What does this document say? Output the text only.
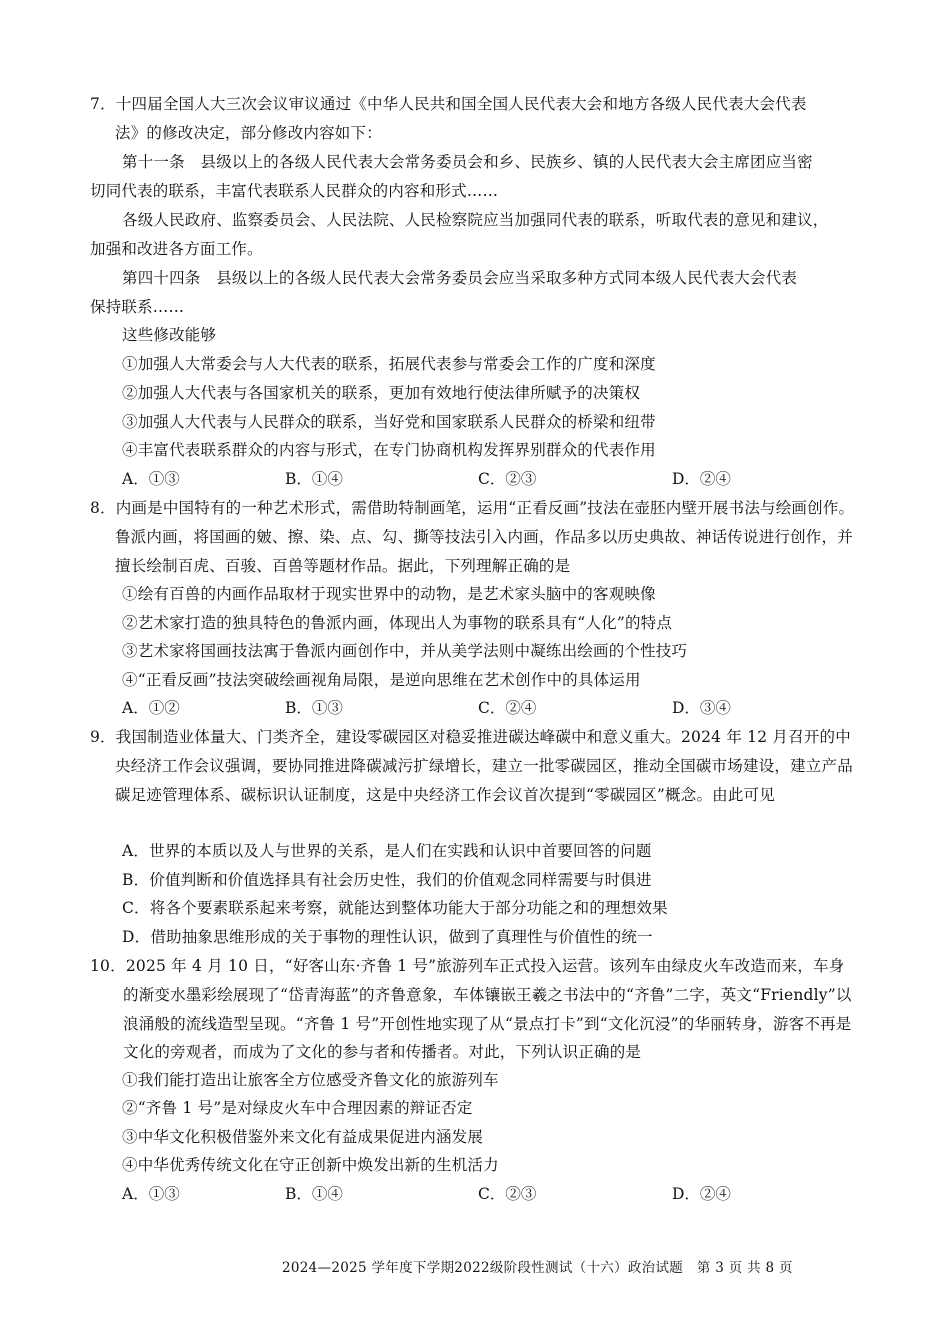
7．十四届全国人大三次会议审议通过《中华人民共和国全国人民代表大会和地方各级人民代表大会代表
法》的修改决定，部分修改内容如下：
第十一条　县级以上的各级人民代表大会常务委员会和乡、民族乡、镇的人民代表大会主席团应当密
切同代表的联系，丰富代表联系人民群众的内容和形式……
各级人民政府、监察委员会、人民法院、人民检察院应当加强同代表的联系，听取代表的意见和建议，
加强和改进各方面工作。
第四十四条　县级以上的各级人民代表大会常务委员会应当采取多种方式同本级人民代表大会代表
保持联系……
这些修改能够
①加强人大常委会与人大代表的联系，拓展代表参与常委会工作的广度和深度
②加强人大代表与各国家机关的联系，更加有效地行使法律所赋予的决策权
③加强人大代表与人民群众的联系，当好党和国家联系人民群众的桥梁和纽带
④丰富代表联系群众的内容与形式，在专门协商机构发挥界别群众的代表作用
A．①③	B．①④	C．②③	D．②④
8．内画是中国特有的一种艺术形式，需借助特制画笔，运用“正看反画”技法在壶胚内壁开展书法与绘画创作。鲁派内画，将国画的皴、擦、染、点、勾、撕等技法引入内画，作品多以历史典故、神话传说进行创作，并擅长绘制百虎、百骏、百兽等题材作品。据此，下列理解正确的是
①绘有百兽的内画作品取材于现实世界中的动物，是艺术家头脑中的客观映像
②艺术家打造的独具特色的鲁派内画，体现出人为事物的联系具有“人化”的特点
③艺术家将国画技法寓于鲁派内画创作中，并从美学法则中凝练出绘画的个性技巧
④“正看反画”技法突破绘画视角局限，是逆向思维在艺术创作中的具体运用
A．①②	B．①③	C．②④	D．③④
9．我国制造业体量大、门类齐全，建设零碳园区对稳妥推进碳达峰碳中和意义重大。2024 年 12 月召开的中央经济工作会议强调，要协同推进降碳减污扩绿增长，建立一批零碳园区，推动全国碳市场建设，建立产品碳足迹管理体系、碳标识认证制度，这是中央经济工作会议首次提到“零碳园区”概念。由此可见
A．世界的本质以及人与世界的关系，是人们在实践和认识中首要回答的问题
B．价值判断和价值选择具有社会历史性，我们的价值观念同样需要与时俱进
C．将各个要素联系起来考察，就能达到整体功能大于部分功能之和的理想效果
D．借助抽象思维形成的关于事物的理性认识，做到了真理性与价值性的统一
10．2025 年 4 月 10 日，“好客山东·齐鲁 1 号”旅游列车正式投入运营。该列车由绿皮火车改造而来，车身的渐变水墨彩绘展现了“岱青海蓝”的齐鲁意象，车体镶嵌王羲之书法中的“齐鲁”二字，英文“Friendly”以浪涌般的流线造型呈现。“齐鲁 1 号”开创性地实现了从“景点打卡”到“文化沉浸”的华丽转身，游客不再是文化的旁观者，而成为了文化的参与者和传播者。对此，下列认识正确的是
①我们能打造出让旅客全方位感受齐鲁文化的旅游列车
②“齐鲁 1 号”是对绿皮火车中合理因素的辩证否定
③中华文化积极借鉴外来文化有益成果促进内涵发展
④中华优秀传统文化在守正创新中焕发出新的生机活力
A．①③	B．①④	C．②③	D．②④
2024—2025 学年度下学期2022级阶段性测试（十六）政治试题　第 3 页 共 8 页
